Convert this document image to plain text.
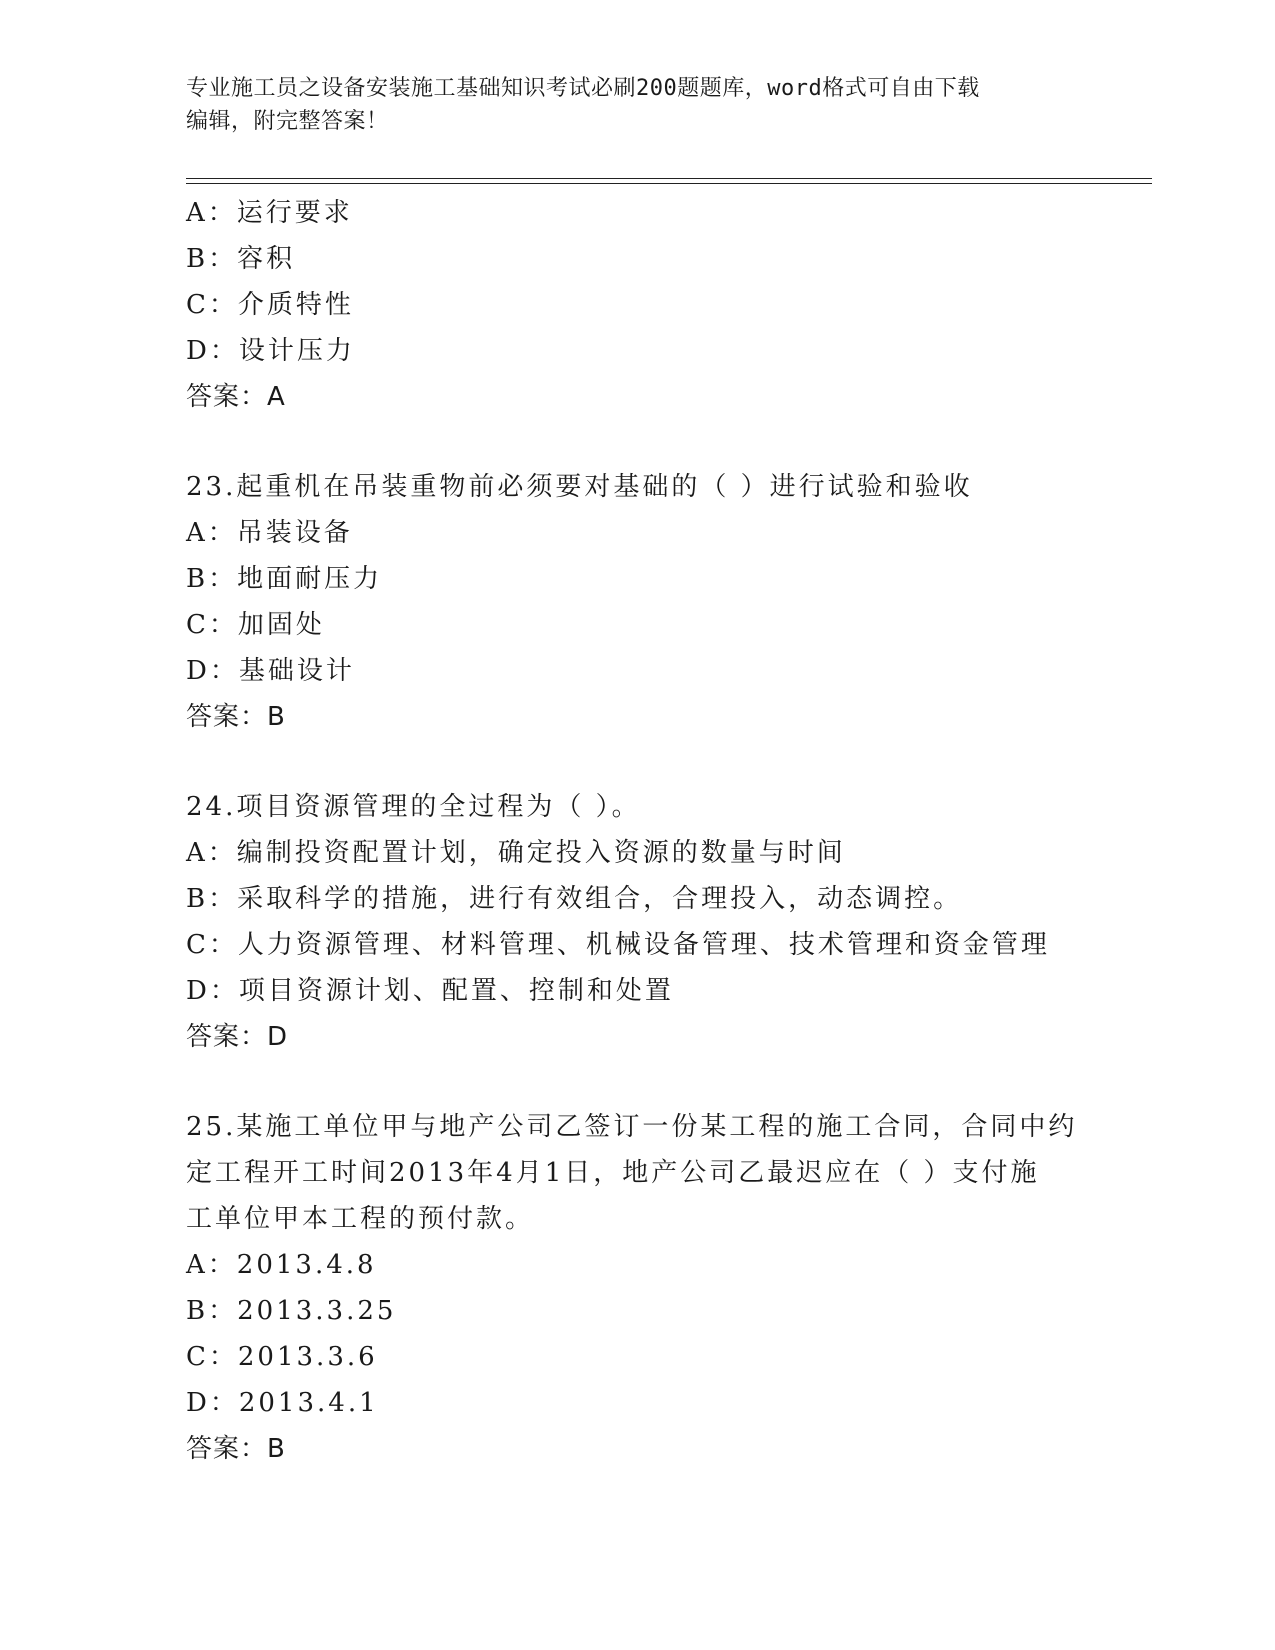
专业施工员之设备安装施工基础知识考试必刷200题题库，word格式可自由下载
编辑，附完整答案！
A：运行要求
B：容积
C：介质特性
D：设计压力
答案：A
23.起重机在吊装重物前必须要对基础的（ ）进行试验和验收
A：吊装设备
B：地面耐压力
C：加固处
D：基础设计
答案：B
24.项目资源管理的全过程为（ ）。
A：编制投资配置计划，确定投入资源的数量与时间
B：采取科学的措施，进行有效组合，合理投入，动态调控。
C：人力资源管理、材料管理、机械设备管理、技术管理和资金管理
D：项目资源计划、配置、控制和处置
答案：D
25.某施工单位甲与地产公司乙签订一份某工程的施工合同，合同中约
定工程开工时间2013年4月1日，地产公司乙最迟应在（ ）支付施
工单位甲本工程的预付款。
A：2013.4.8
B：2013.3.25
C：2013.3.6
D：2013.4.1
答案：B
